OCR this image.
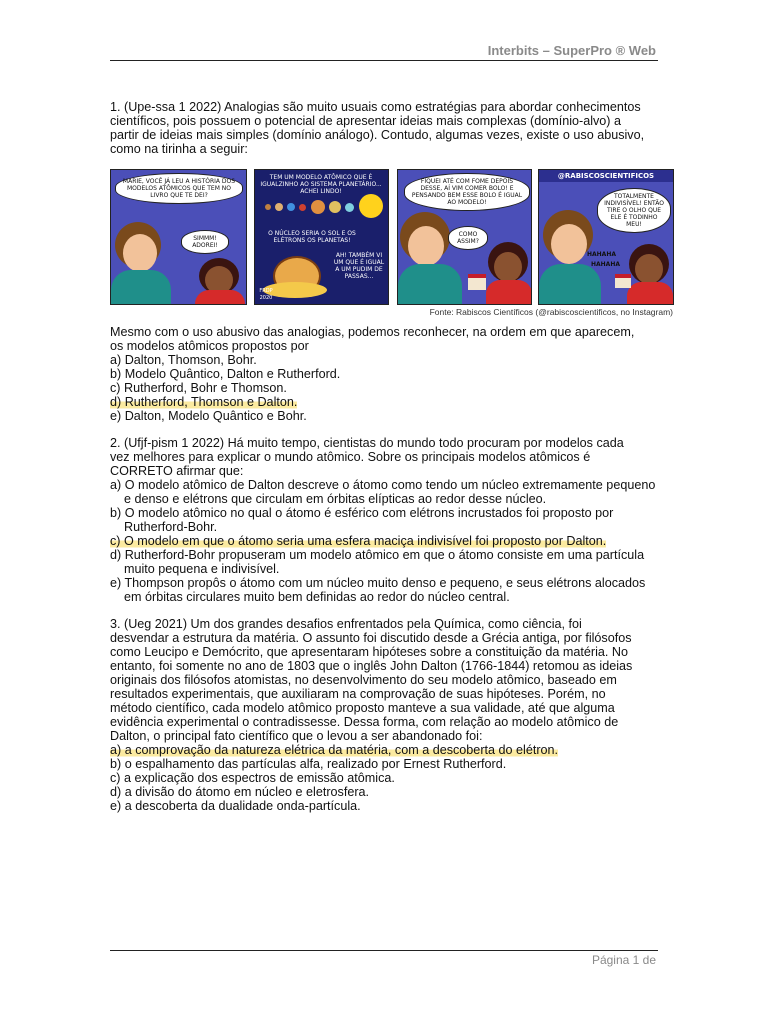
Interbits – SuperPro ® Web

1. (Upe-ssa 1 2022) Analogias são muito usuais como estratégias para abordar conhecimentos

científicos, pois possuem o potencial de apresentar ideias mais complexas (domínio-alvo) a

partir de ideias mais simples (domínio análogo). Contudo, algumas vezes, existe o uso abusivo,

como na tirinha a seguir:

MARIE, VOCÊ JÁ LEU A HISTÓRIA DOS MODELOS ATÔMICOS QUE TEM NO LIVRO QUE TE DEI?
SIMMM! ADOREI!
TEM UM MODELO ATÔMICO QUE É IGUALZINHO AO SISTEMA PLANETÁRIO... ACHEI LINDO!
O NÚCLEO SERIA O SOL E OS ELÉTRONS OS PLANETAS!
AH! TAMBÉM VI UM QUE É IGUAL A UM PUDIM DE PASSAS...
FRDP 2020
FIQUEI ATÉ COM FOME DEPOIS DESSE, AÍ VIM COMER BOLO! E PENSANDO BEM ESSE BOLO É IGUAL AO MODELO!
COMO ASSIM?
@RABISCOSCIENTIFICOS
TOTALMENTE INDIVISÍVEL! ENTÃO TIRE O OLHO QUE ELE É TODINHO MEU!
HAHAHA
HAHAHA
Fonte: Rabiscos Científicos (@rabiscoscientificos, no Instagram)

Mesmo com o uso abusivo das analogias, podemos reconhecer, na ordem em que aparecem,

os modelos atômicos propostos por

a) Dalton, Thomson, Bohr.

b) Modelo Quântico, Dalton e Rutherford.

c) Rutherford, Bohr e Thomson.

d) Rutherford, Thomson e Dalton.

e) Dalton, Modelo Quântico e Bohr.

2. (Ufjf-pism 1 2022) Há muito tempo, cientistas do mundo todo procuram por modelos cada

vez melhores para explicar o mundo atômico. Sobre os principais modelos atômicos é

CORRETO afirmar que:

a) O modelo atômico de Dalton descreve o átomo como tendo um núcleo extremamente pequeno e denso e elétrons que circulam em órbitas elípticas ao redor desse núcleo.

b) O modelo atômico no qual o átomo é esférico com elétrons incrustados foi proposto por Rutherford-Bohr.

c) O modelo em que o átomo seria uma esfera maciça indivisível foi proposto por Dalton.

d) Rutherford-Bohr propuseram um modelo atômico em que o átomo consiste em uma partícula muito pequena e indivisível.

e) Thompson propôs o átomo com um núcleo muito denso e pequeno, e seus elétrons alocados em órbitas circulares muito bem definidas ao redor do núcleo central.

3. (Ueg 2021) Um dos grandes desafios enfrentados pela Química, como ciência, foi

desvendar a estrutura da matéria. O assunto foi discutido desde a Grécia antiga, por filósofos

como Leucipo e Demócrito, que apresentaram hipóteses sobre a constituição da matéria. No

entanto, foi somente no ano de 1803 que o inglês John Dalton (1766-1844) retomou as ideias

originais dos filósofos atomistas, no desenvolvimento do seu modelo atômico, baseado em

resultados experimentais, que auxiliaram na comprovação de suas hipóteses. Porém, no

método científico, cada modelo atômico proposto manteve a sua validade, até que alguma

evidência experimental o contradissesse. Dessa forma, com relação ao modelo atômico de

Dalton, o principal fato científico que o levou a ser abandonado foi:

a) a comprovação da natureza elétrica da matéria, com a descoberta do elétron.

b) o espalhamento das partículas alfa, realizado por Ernest Rutherford.

c) a explicação dos espectros de emissão atômica.

d) a divisão do átomo em núcleo e eletrosfera.

e) a descoberta da dualidade onda-partícula.

Página 1 de
